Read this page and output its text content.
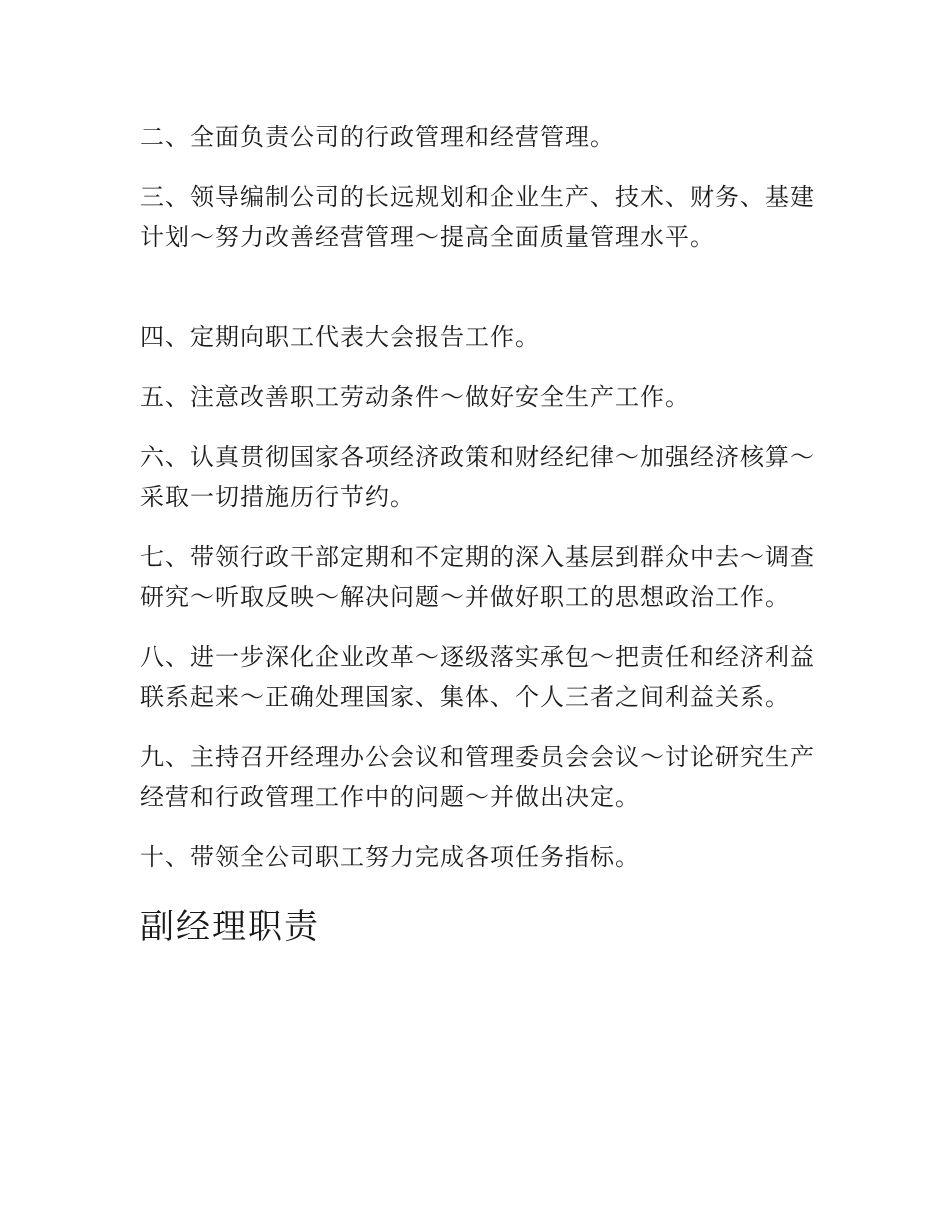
二、全面负责公司的行政管理和经营管理。

三、领导编制公司的长远规划和企业生产、技术、财务、基建计划～努力改善经营管理～提高全面质量管理水平。

四、定期向职工代表大会报告工作。

五、注意改善职工劳动条件～做好安全生产工作。

六、认真贯彻国家各项经济政策和财经纪律～加强经济核算～采取一切措施历行节约。

七、带领行政干部定期和不定期的深入基层到群众中去～调查研究～听取反映～解决问题～并做好职工的思想政治工作。

八、进一步深化企业改革～逐级落实承包～把责任和经济利益联系起来～正确处理国家、集体、个人三者之间利益关系。

九、主持召开经理办公会议和管理委员会会议～讨论研究生产经营和行政管理工作中的问题～并做出决定。

十、带领全公司职工努力完成各项任务指标。

副经理职责
